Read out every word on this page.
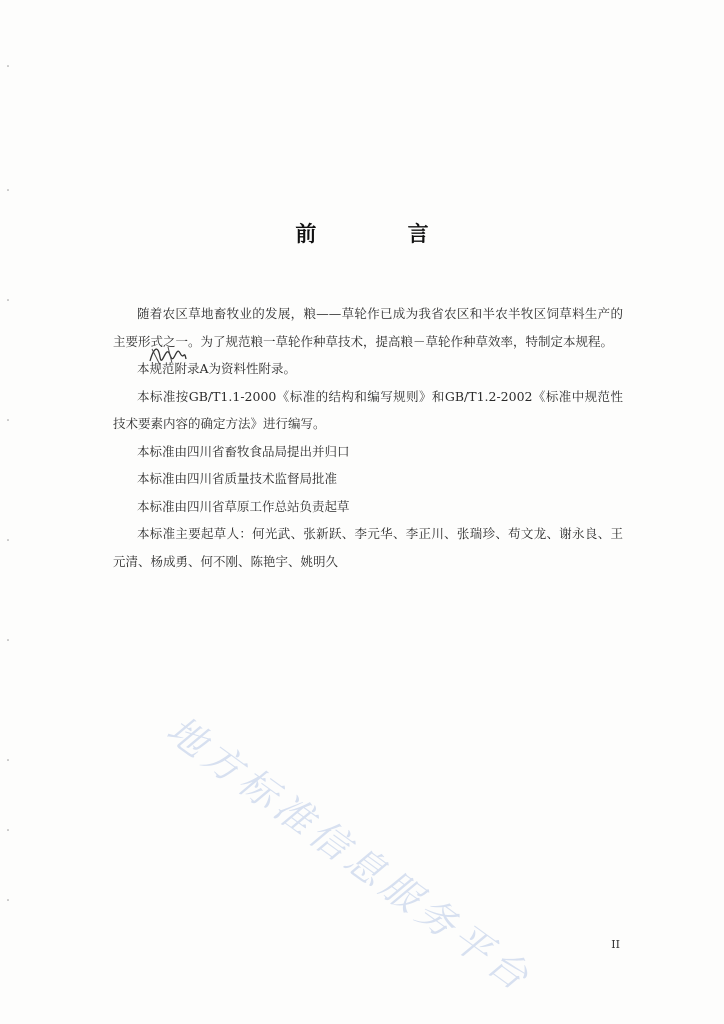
前 言

随着农区草地畜牧业的发展，粮——草轮作已成为我省农区和半农半牧区饲草料生产的主要形式之一。为了规范粮一草轮作种草技术，提高粮－草轮作种草效率，特制定本规程。

本规范附录A为资料性附录。

本标准按GB/T1.1-2000《标准的结构和编写规则》和GB/T1.2-2002《标准中规范性技术要素内容的确定方法》进行编写。

本标准由四川省畜牧食品局提出并归口

本标准由四川省质量技术监督局批准

本标准由四川省草原工作总站负责起草

本标准主要起草人：何光武、张新跃、李元华、李正川、张瑞珍、苟文龙、谢永良、王元清、杨成勇、何不刚、陈艳宇、姚明久

地方标准信息服务平台	II
